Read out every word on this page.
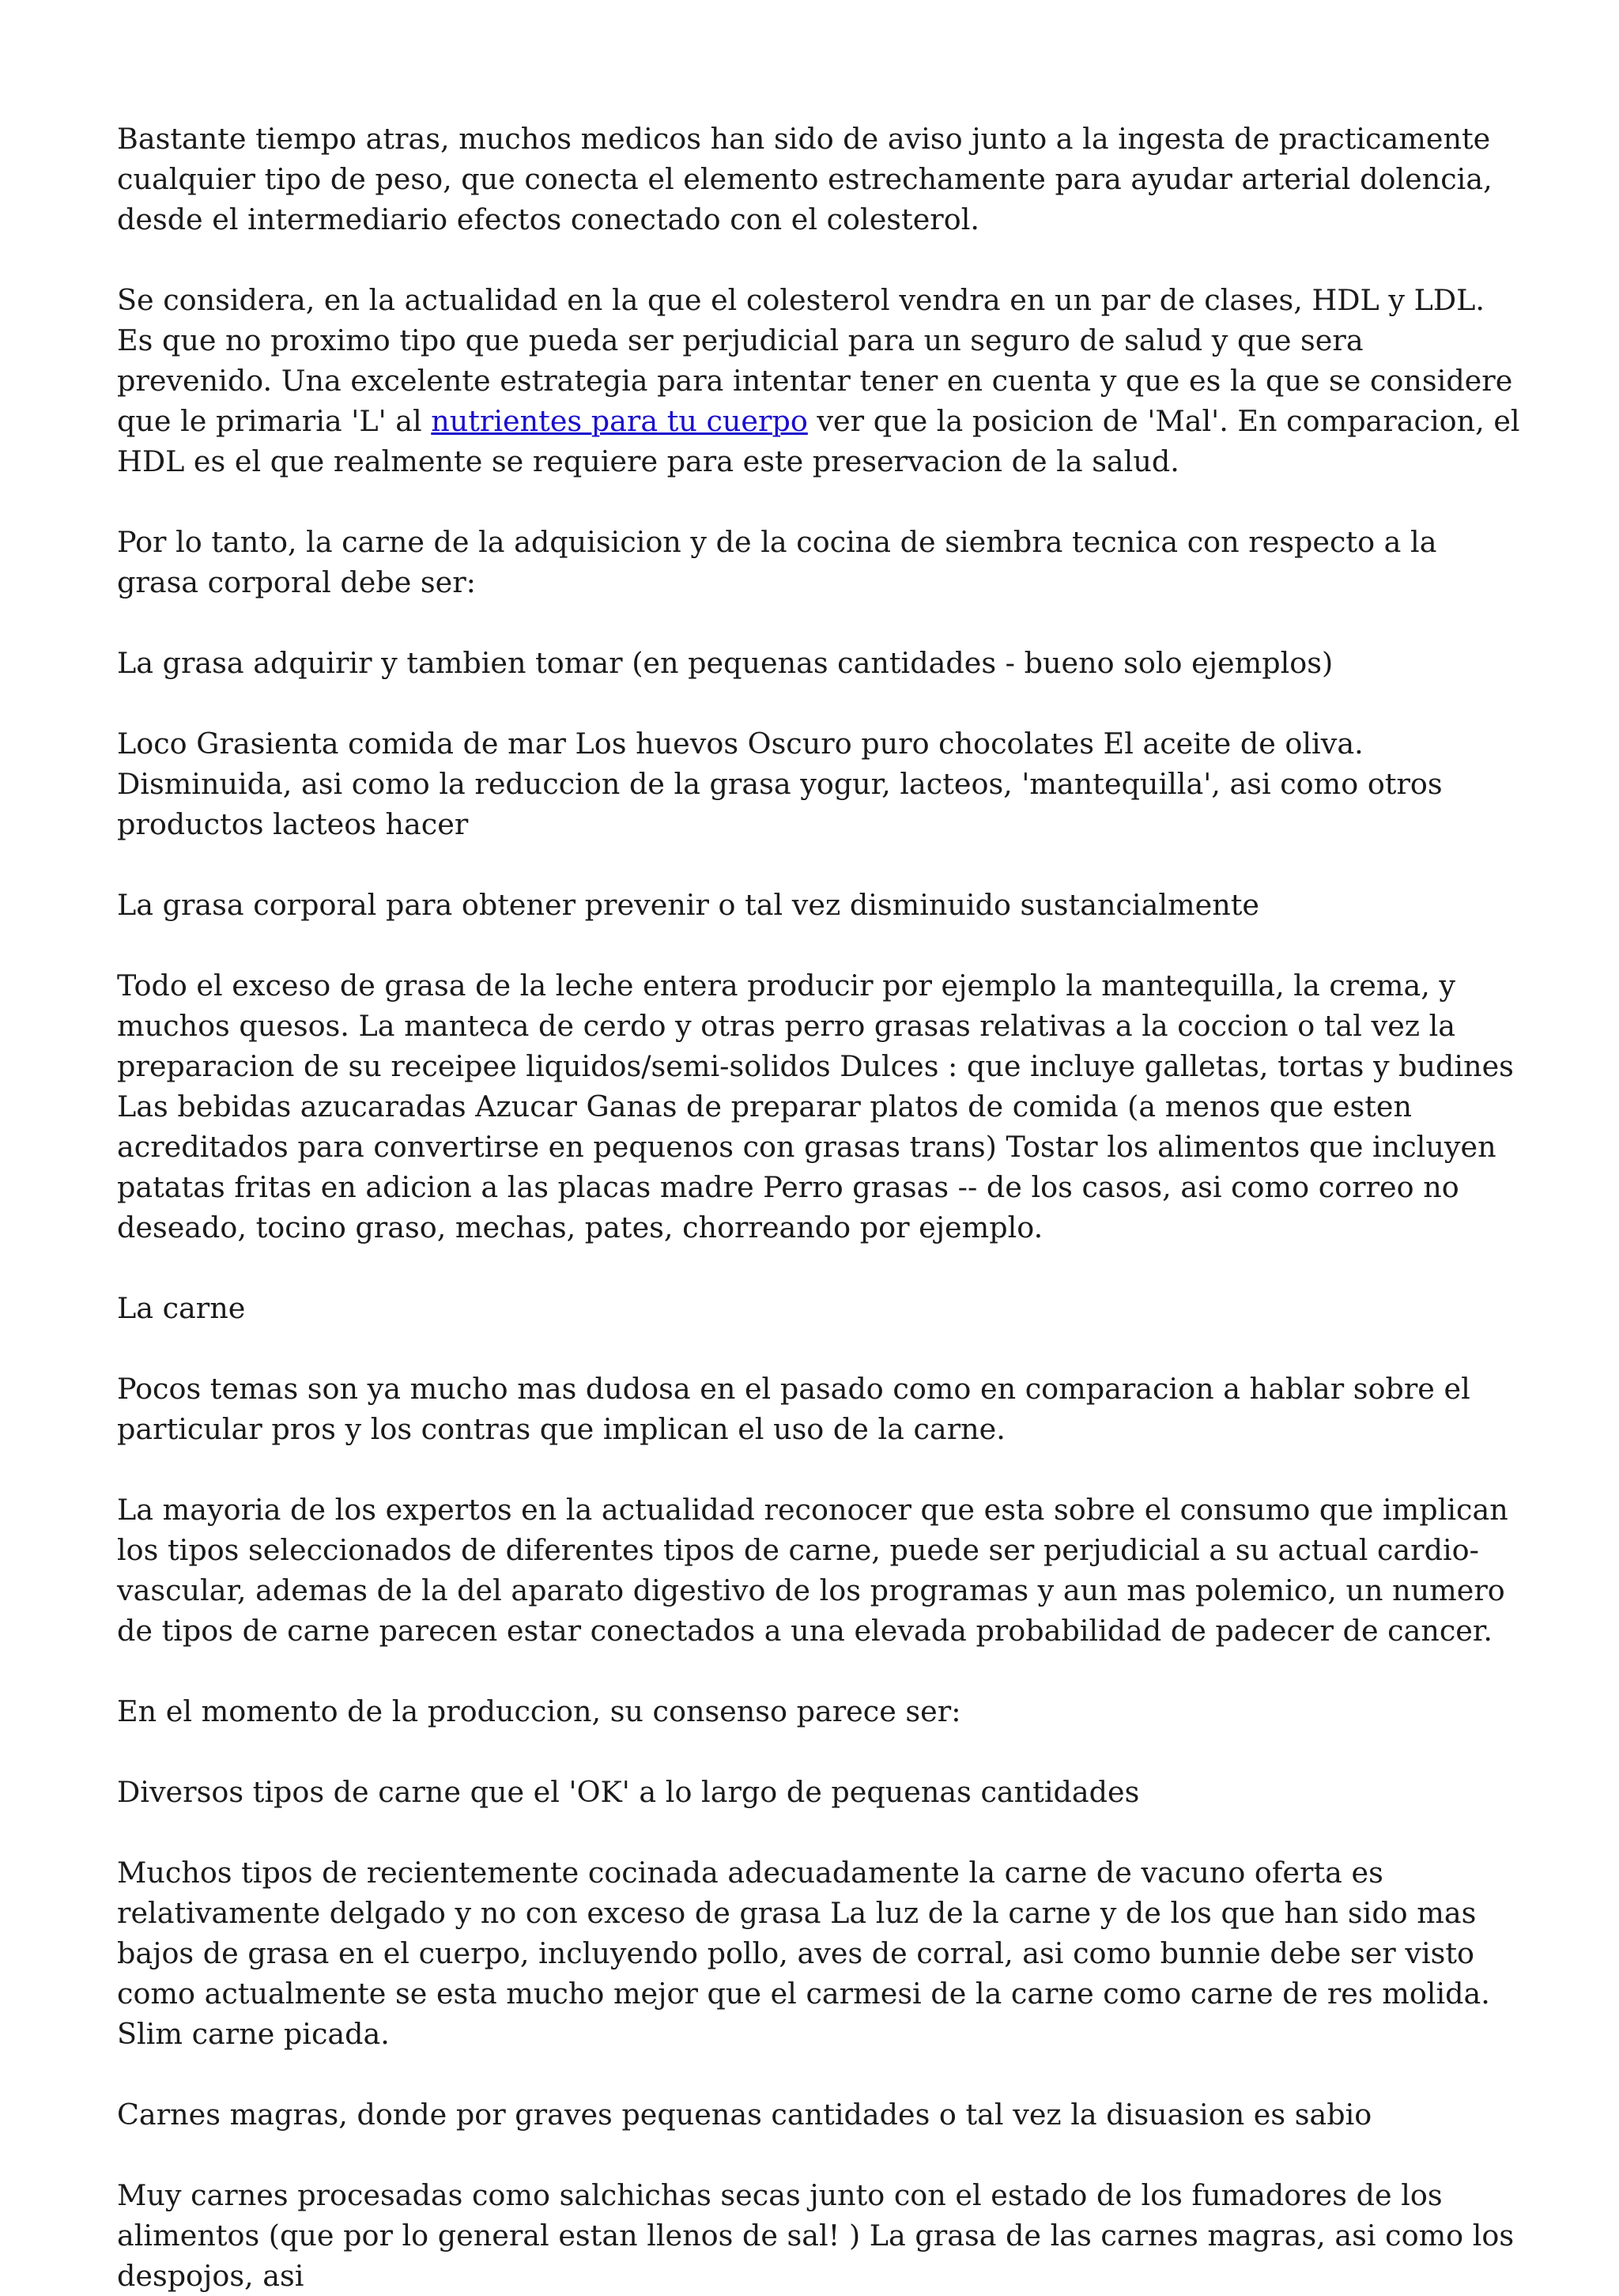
Bastante tiempo atras, muchos medicos han sido de aviso junto a la ingesta de practicamente cualquier tipo de peso, que conecta el elemento estrechamente para ayudar arterial dolencia, desde el intermediario efectos conectado con el colesterol.

Se considera, en la actualidad en la que el colesterol vendra en un par de clases, HDL y LDL. Es que no proximo tipo que pueda ser perjudicial para un seguro de salud y que sera prevenido. Una excelente estrategia para intentar tener en cuenta y que es la que se considere que le primaria 'L' al nutrientes para tu cuerpo ver que la posicion de 'Mal'. En comparacion, el HDL es el que realmente se requiere para este preservacion de la salud.

Por lo tanto, la carne de la adquisicion y de la cocina de siembra tecnica con respecto a la grasa corporal debe ser:

La grasa adquirir y tambien tomar (en pequenas cantidades - bueno solo ejemplos)

Loco Grasienta comida de mar Los huevos Oscuro puro chocolates El aceite de oliva. Disminuida, asi como la reduccion de la grasa yogur, lacteos, 'mantequilla', asi como otros productos lacteos hacer

La grasa corporal para obtener prevenir o tal vez disminuido sustancialmente

Todo el exceso de grasa de la leche entera producir por ejemplo la mantequilla, la crema, y muchos quesos. La manteca de cerdo y otras perro grasas relativas a la coccion o tal vez la preparacion de su receipee liquidos/semi-solidos Dulces : que incluye galletas, tortas y budines Las bebidas azucaradas Azucar Ganas de preparar platos de comida (a menos que esten acreditados para convertirse en pequenos con grasas trans) Tostar los alimentos que incluyen patatas fritas en adicion a las placas madre Perro grasas -- de los casos, asi como correo no deseado, tocino graso, mechas, pates, chorreando por ejemplo.

La carne

Pocos temas son ya mucho mas dudosa en el pasado como en comparacion a hablar sobre el particular pros y los contras que implican el uso de la carne.

La mayoria de los expertos en la actualidad reconocer que esta sobre el consumo que implican los tipos seleccionados de diferentes tipos de carne, puede ser perjudicial a su actual cardio-vascular, ademas de la del aparato digestivo de los programas y aun mas polemico, un numero de tipos de carne parecen estar conectados a una elevada probabilidad de padecer de cancer.

En el momento de la produccion, su consenso parece ser:

Diversos tipos de carne que el 'OK' a lo largo de pequenas cantidades

Muchos tipos de recientemente cocinada adecuadamente la carne de vacuno oferta es relativamente delgado y no con exceso de grasa La luz de la carne y de los que han sido mas bajos de grasa en el cuerpo, incluyendo pollo, aves de corral, asi como bunnie debe ser visto como actualmente se esta mucho mejor que el carmesi de la carne como carne de res molida. Slim carne picada.

Carnes magras, donde por graves pequenas cantidades o tal vez la disuasion es sabio

Muy carnes procesadas como salchichas secas junto con el estado de los fumadores de los alimentos (que por lo general estan llenos de sal! ) La grasa de las carnes magras, asi como los despojos, asi
